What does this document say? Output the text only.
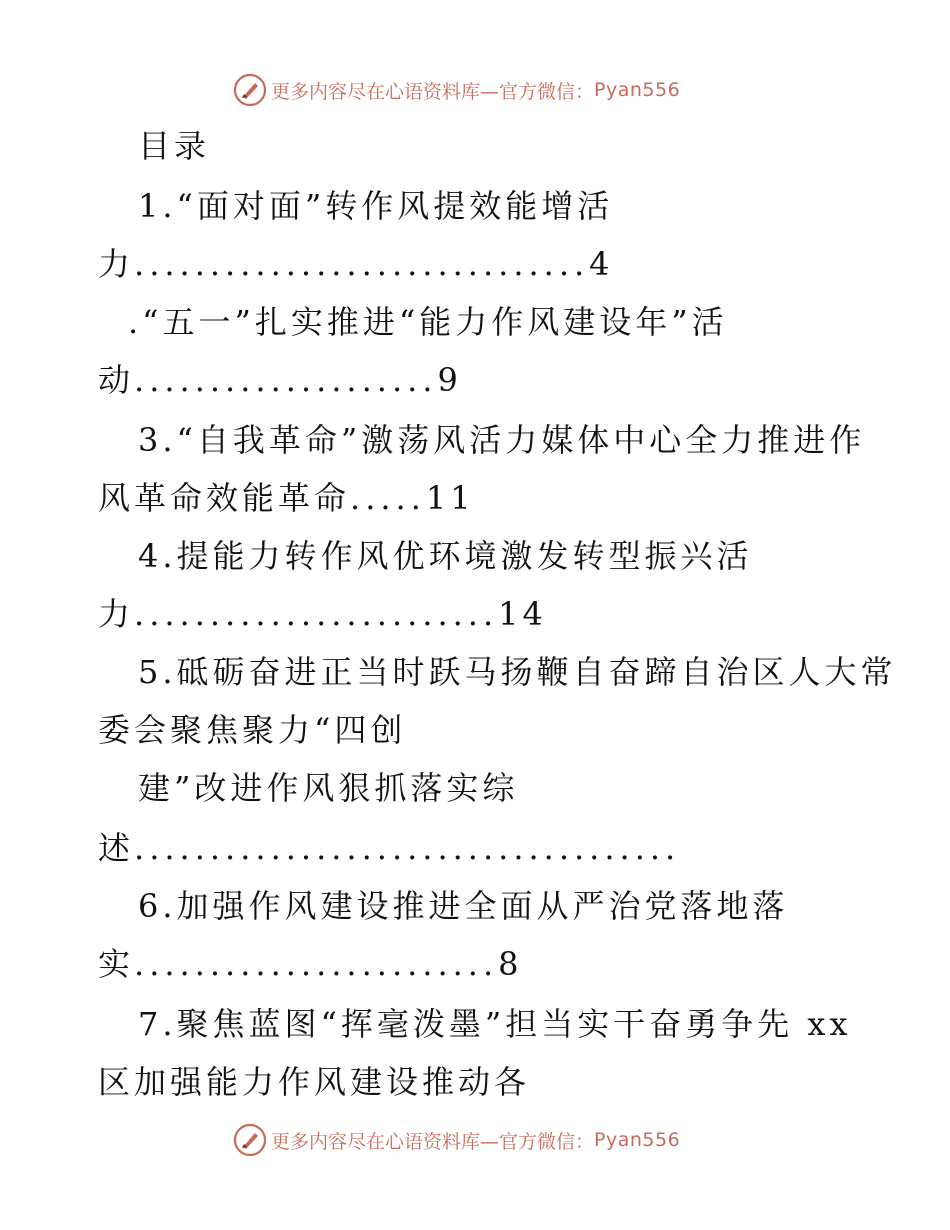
更多内容尽在心语资料库—官方微信： Pyan556
目录
1.“面对面”转作风提效能增活
力..............................4
.“五一”扎实推进“能力作风建设年”活
动....................9
3.“自我革命”激荡风活力媒体中心全力推进作
风革命效能革命.....11
4.提能力转作风优环境激发转型振兴活
力........................14
5.砥砺奋进正当时跃马扬鞭自奋蹄自治区人大常
委会聚焦聚力“四创
建”改进作风狠抓落实综
述....................................
6.加强作风建设推进全面从严治党落地落
实........................8
7.聚焦蓝图“挥毫泼墨”担当实干奋勇争先 xx
区加强能力作风建设推动各
更多内容尽在心语资料库—官方微信： Pyan556
